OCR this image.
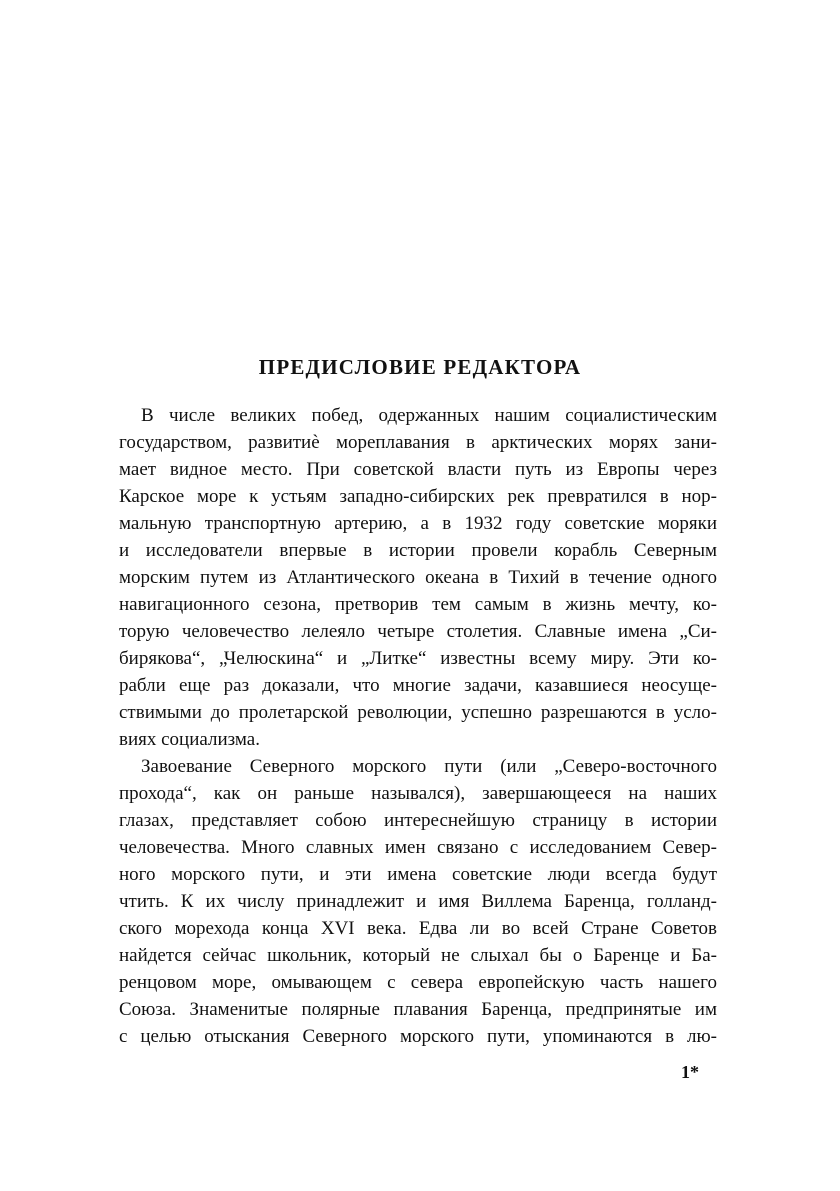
ПРЕДИСЛОВИЕ РЕДАКТОРА
В числе великих побед, одержанных нашим социалистическим
государством, развитиѐ мореплавания в арктических морях зани-
мает видное место. При советской власти путь из Европы через
Карское море к устьям западно-сибирских рек превратился в нор-
мальную транспортную артерию, а в 1932 году советские моряки
и исследователи впервые в истории провели корабль Северным
морским путем из Атлантического океана в Тихий в течение одного
навигационного сезона, претворив тем самым в жизнь мечту, ко-
торую человечество лелеяло четыре столетия. Славные имена „Си-
бирякова“, „Челюскина“ и „Литке“ известны всему миру. Эти ко-
рабли еще раз доказали, что многие задачи, казавшиеся неосуще-
ствимыми до пролетарской революции, успешно разрешаются в усло-
виях социализма.
Завоевание Северного морского пути (или „Северо-восточного
прохода“, как он раньше назывался), завершающееся на наших
глазах, представляет собою интереснейшую страницу в истории
человечества. Много славных имен связано с исследованием Север-
ного морского пути, и эти имена советские люди всегда будут
чтить. К их числу принадлежит и имя Виллема Баренца, голланд-
ского морехода конца XVI века. Едва ли во всей Стране Советов
найдется сейчас школьник, который не слыхал бы о Баренце и Ба-
ренцовом море, омывающем с севера европейскую часть нашего
Союза. Знаменитые полярные плавания Баренца, предпринятые им
с целью отыскания Северного морского пути, упоминаются в лю-
1*
